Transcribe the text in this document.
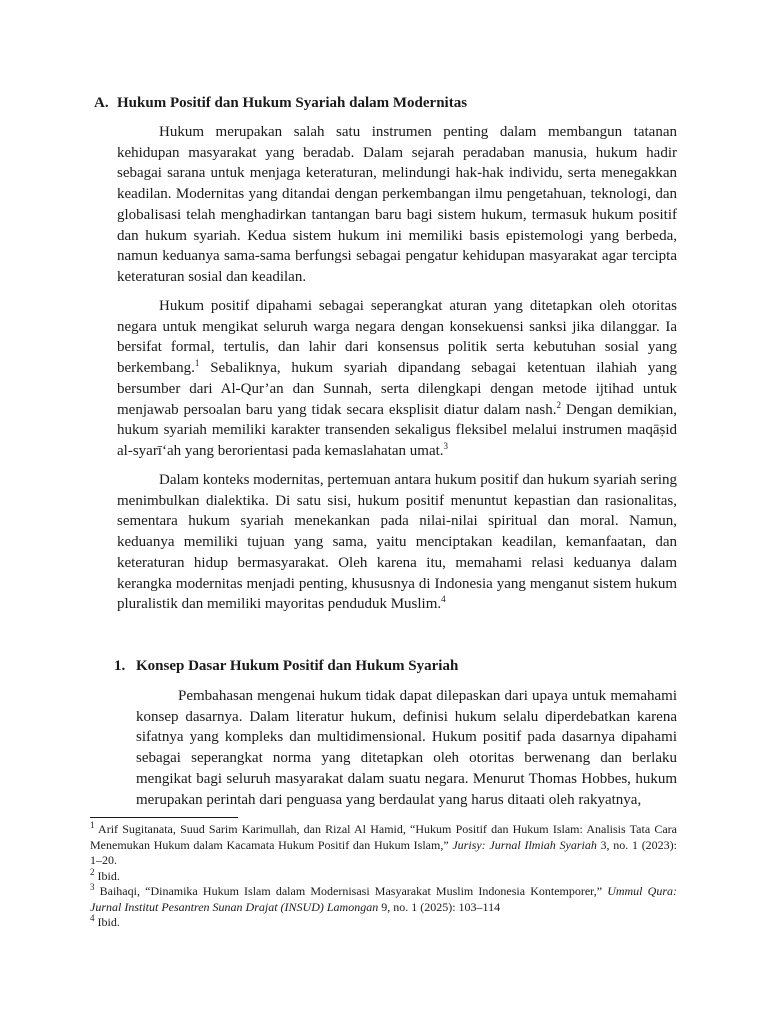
A. Hukum Positif dan Hukum Syariah dalam Modernitas

Hukum merupakan salah satu instrumen penting dalam membangun tatanan kehidupan masyarakat yang beradab. Dalam sejarah peradaban manusia, hukum hadir sebagai sarana untuk menjaga keteraturan, melindungi hak-hak individu, serta menegakkan keadilan. Modernitas yang ditandai dengan perkembangan ilmu pengetahuan, teknologi, dan globalisasi telah menghadirkan tantangan baru bagi sistem hukum, termasuk hukum positif dan hukum syariah. Kedua sistem hukum ini memiliki basis epistemologi yang berbeda, namun keduanya sama-sama berfungsi sebagai pengatur kehidupan masyarakat agar tercipta keteraturan sosial dan keadilan.

Hukum positif dipahami sebagai seperangkat aturan yang ditetapkan oleh otoritas negara untuk mengikat seluruh warga negara dengan konsekuensi sanksi jika dilanggar. Ia bersifat formal, tertulis, dan lahir dari konsensus politik serta kebutuhan sosial yang berkembang.$^1$ Sebaliknya, hukum syariah dipandang sebagai ketentuan ilahiah yang bersumber dari Al-Qur’an dan Sunnah, serta dilengkapi dengan metode ijtihad untuk menjawab persoalan baru yang tidak secara eksplisit diatur dalam nash.$^2$ Dengan demikian, hukum syariah memiliki karakter transenden sekaligus fleksibel melalui instrumen maqāṣid al-syarī‘ah yang berorientasi pada kemaslahatan umat.$^3$

Dalam konteks modernitas, pertemuan antara hukum positif dan hukum syariah sering menimbulkan dialektika. Di satu sisi, hukum positif menuntut kepastian dan rasionalitas, sementara hukum syariah menekankan pada nilai-nilai spiritual dan moral. Namun, keduanya memiliki tujuan yang sama, yaitu menciptakan keadilan, kemanfaatan, dan keteraturan hidup bermasyarakat. Oleh karena itu, memahami relasi keduanya dalam kerangka modernitas menjadi penting, khususnya di Indonesia yang menganut sistem hukum pluralistik dan memiliki mayoritas penduduk Muslim.$^4$

1. Konsep Dasar Hukum Positif dan Hukum Syariah

Pembahasan mengenai hukum tidak dapat dilepaskan dari upaya untuk memahami konsep dasarnya. Dalam literatur hukum, definisi hukum selalu diperdebatkan karena sifatnya yang kompleks dan multidimensional. Hukum positif pada dasarnya dipahami sebagai seperangkat norma yang ditetapkan oleh otoritas berwenang dan berlaku mengikat bagi seluruh masyarakat dalam suatu negara. Menurut Thomas Hobbes, hukum merupakan perintah dari penguasa yang berdaulat yang harus ditaati oleh rakyatnya,

$^1$ Arif Sugitanata, Suud Sarim Karimullah, dan Rizal Al Hamid, “Hukum Positif dan Hukum Islam: Analisis Tata Cara Menemukan Hukum dalam Kacamata Hukum Positif dan Hukum Islam,” Jurisy: Jurnal Ilmiah Syariah 3, no. 1 (2023): 1–20.

$^2$ Ibid.

$^3$ Baihaqi, “Dinamika Hukum Islam dalam Modernisasi Masyarakat Muslim Indonesia Kontemporer,” Ummul Qura: Jurnal Institut Pesantren Sunan Drajat (INSUD) Lamongan 9, no. 1 (2025): 103–114

$^4$ Ibid.
